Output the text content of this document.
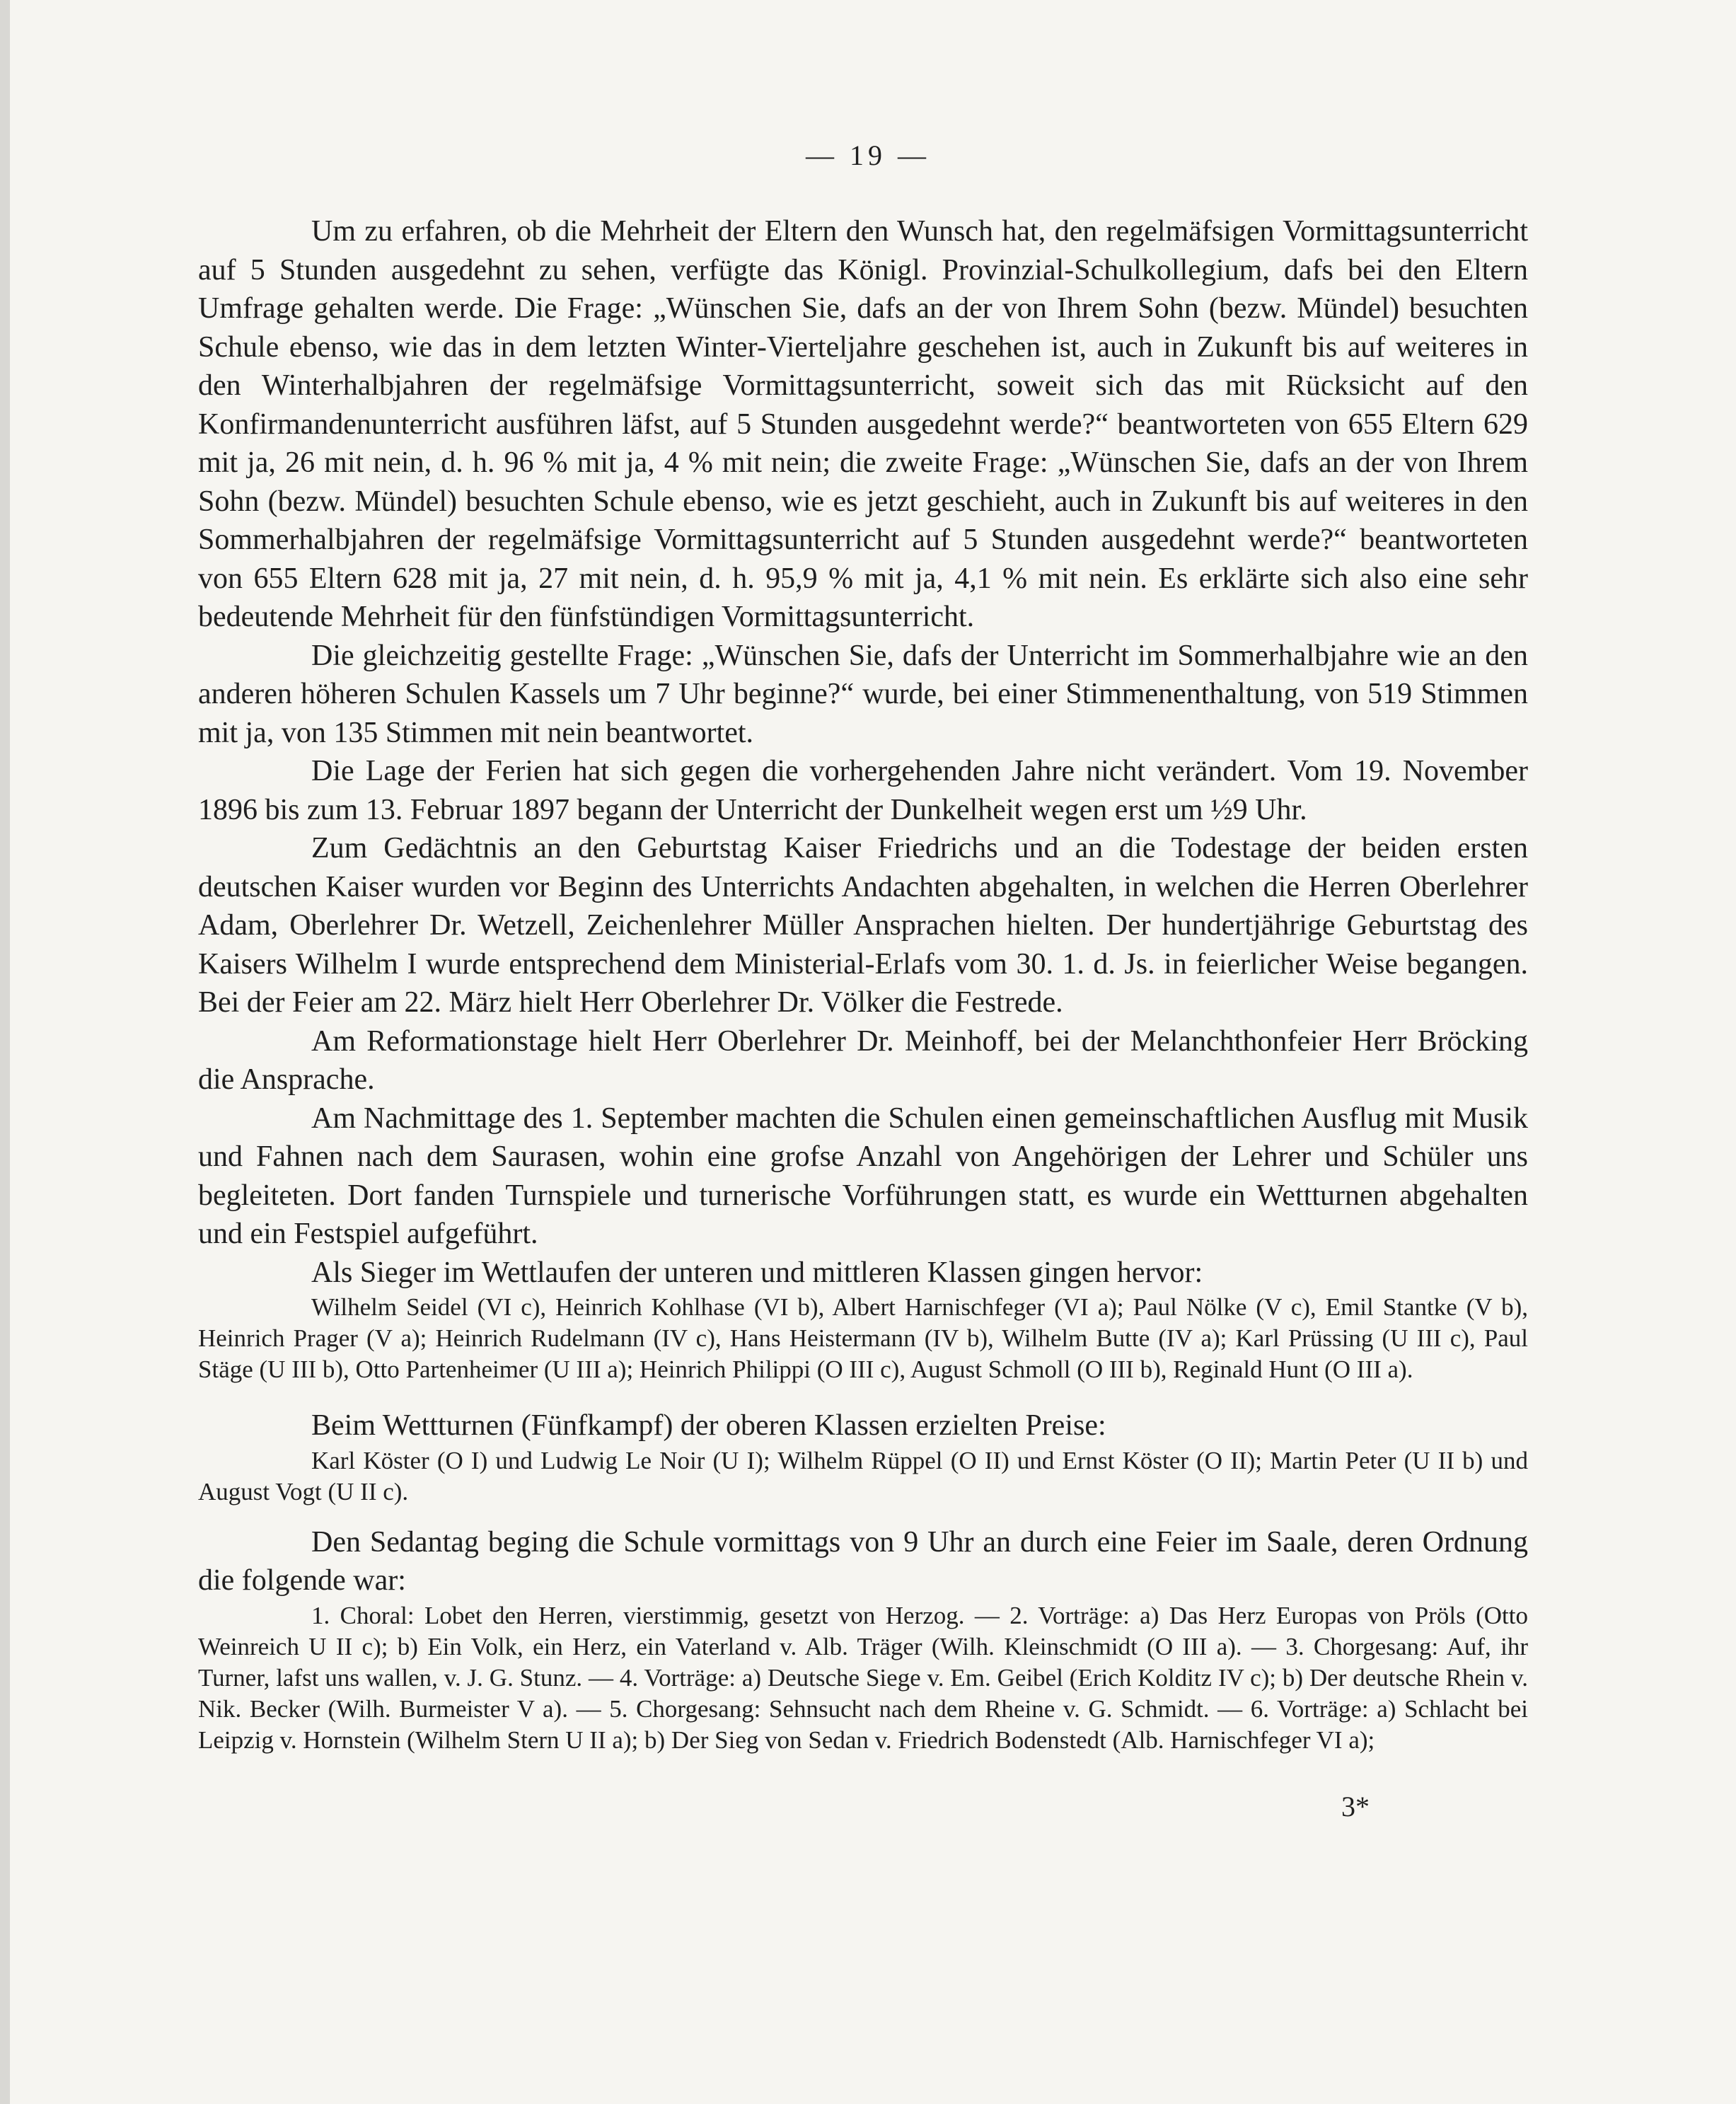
— 19 —

Um zu erfahren, ob die Mehrheit der Eltern den Wunsch hat, den regelmäfsigen Vormittagsunterricht auf 5 Stunden ausgedehnt zu sehen, verfügte das Königl. Provinzial-Schulkollegium, dafs bei den Eltern Umfrage gehalten werde. Die Frage: „Wünschen Sie, dafs an der von Ihrem Sohn (bezw. Mündel) besuchten Schule ebenso, wie das in dem letzten Winter-Vierteljahre geschehen ist, auch in Zukunft bis auf weiteres in den Winterhalbjahren der regelmäfsige Vormittagsunterricht, soweit sich das mit Rücksicht auf den Konfirmandenunterricht ausführen läfst, auf 5 Stunden ausgedehnt werde?“ beantworteten von 655 Eltern 629 mit ja, 26 mit nein, d. h. 96 % mit ja, 4 % mit nein; die zweite Frage: „Wünschen Sie, dafs an der von Ihrem Sohn (bezw. Mündel) besuchten Schule ebenso, wie es jetzt geschieht, auch in Zukunft bis auf weiteres in den Sommerhalbjahren der regelmäfsige Vormittagsunterricht auf 5 Stunden ausgedehnt werde?“ beantworteten von 655 Eltern 628 mit ja, 27 mit nein, d. h. 95,9 % mit ja, 4,1 % mit nein. Es erklärte sich also eine sehr bedeutende Mehrheit für den fünfstündigen Vormittagsunterricht.

Die gleichzeitig gestellte Frage: „Wünschen Sie, dafs der Unterricht im Sommerhalbjahre wie an den anderen höheren Schulen Kassels um 7 Uhr beginne?“ wurde, bei einer Stimmenenthaltung, von 519 Stimmen mit ja, von 135 Stimmen mit nein beantwortet.

Die Lage der Ferien hat sich gegen die vorhergehenden Jahre nicht verändert. Vom 19. November 1896 bis zum 13. Februar 1897 begann der Unterricht der Dunkelheit wegen erst um ½9 Uhr.

Zum Gedächtnis an den Geburtstag Kaiser Friedrichs und an die Todestage der beiden ersten deutschen Kaiser wurden vor Beginn des Unterrichts Andachten abgehalten, in welchen die Herren Oberlehrer Adam, Oberlehrer Dr. Wetzell, Zeichenlehrer Müller Ansprachen hielten. Der hundertjährige Geburtstag des Kaisers Wilhelm I wurde entsprechend dem Ministerial-Erlafs vom 30. 1. d. Js. in feierlicher Weise begangen. Bei der Feier am 22. März hielt Herr Oberlehrer Dr. Völker die Festrede.

Am Reformationstage hielt Herr Oberlehrer Dr. Meinhoff, bei der Melanchthonfeier Herr Bröcking die Ansprache.

Am Nachmittage des 1. September machten die Schulen einen gemeinschaftlichen Ausflug mit Musik und Fahnen nach dem Saurasen, wohin eine grofse Anzahl von Angehörigen der Lehrer und Schüler uns begleiteten. Dort fanden Turnspiele und turnerische Vorführungen statt, es wurde ein Wettturnen abgehalten und ein Festspiel aufgeführt.

Als Sieger im Wettlaufen der unteren und mittleren Klassen gingen hervor:

Wilhelm Seidel (VI c), Heinrich Kohlhase (VI b), Albert Harnischfeger (VI a); Paul Nölke (V c), Emil Stantke (V b), Heinrich Prager (V a); Heinrich Rudelmann (IV c), Hans Heistermann (IV b), Wilhelm Butte (IV a); Karl Prüssing (U III c), Paul Stäge (U III b), Otto Partenheimer (U III a); Heinrich Philippi (O III c), August Schmoll (O III b), Reginald Hunt (O III a).

Beim Wettturnen (Fünfkampf) der oberen Klassen erzielten Preise:

Karl Köster (O I) und Ludwig Le Noir (U I); Wilhelm Rüppel (O II) und Ernst Köster (O II); Martin Peter (U II b) und August Vogt (U II c).

Den Sedantag beging die Schule vormittags von 9 Uhr an durch eine Feier im Saale, deren Ordnung die folgende war:

1. Choral: Lobet den Herren, vierstimmig, gesetzt von Herzog. — 2. Vorträge: a) Das Herz Europas von Pröls (Otto Weinreich U II c); b) Ein Volk, ein Herz, ein Vaterland v. Alb. Träger (Wilh. Kleinschmidt (O III a). — 3. Chorgesang: Auf, ihr Turner, lafst uns wallen, v. J. G. Stunz. — 4. Vorträge: a) Deutsche Siege v. Em. Geibel (Erich Kolditz IV c); b) Der deutsche Rhein v. Nik. Becker (Wilh. Burmeister V a). — 5. Chorgesang: Sehnsucht nach dem Rheine v. G. Schmidt. — 6. Vorträge: a) Schlacht bei Leipzig v. Hornstein (Wilhelm Stern U II a); b) Der Sieg von Sedan v. Friedrich Bodenstedt (Alb. Harnischfeger VI a);

3*
